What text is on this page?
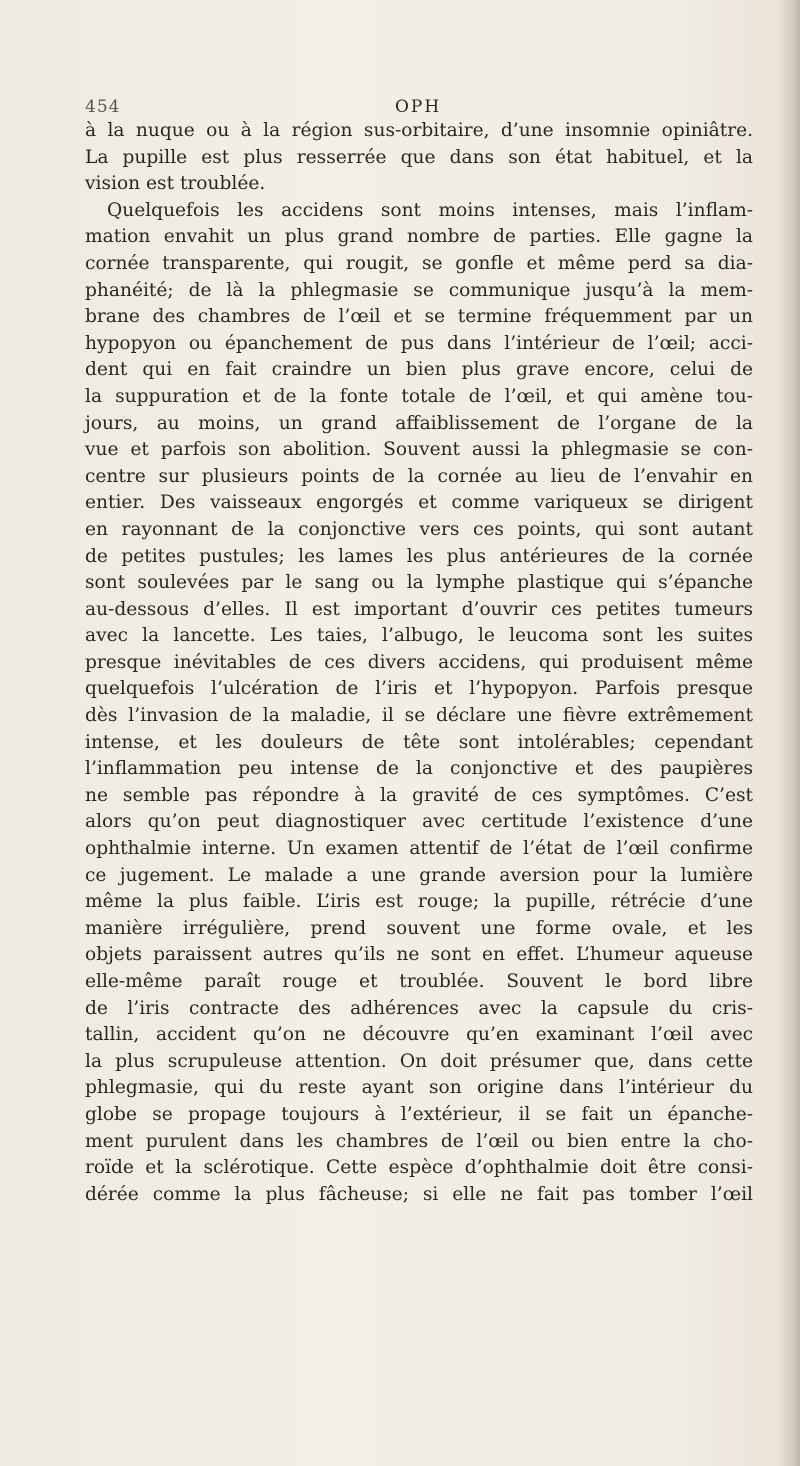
454	OPH
à la nuque ou à la région sus-orbitaire, d’une insomnie opiniâtre.
La pupille est plus resserrée que dans son état habituel, et la
vision est troublée.
Quelquefois les accidens sont moins intenses, mais l’inflam-
mation envahit un plus grand nombre de parties. Elle gagne la
cornée transparente, qui rougit, se gonfle et même perd sa dia-
phanéité; de là la phlegmasie se communique jusqu’à la mem-
brane des chambres de l’œil et se termine fréquemment par un
hypopyon ou épanchement de pus dans l’intérieur de l’œil; acci-
dent qui en fait craindre un bien plus grave encore, celui de
la suppuration et de la fonte totale de l’œil, et qui amène tou-
jours, au moins, un grand affaiblissement de l’organe de la
vue et parfois son abolition. Souvent aussi la phlegmasie se con-
centre sur plusieurs points de la cornée au lieu de l’envahir en
entier. Des vaisseaux engorgés et comme variqueux se dirigent
en rayonnant de la conjonctive vers ces points, qui sont autant
de petites pustules; les lames les plus antérieures de la cornée
sont soulevées par le sang ou la lymphe plastique qui s’épanche
au-dessous d’elles. Il est important d’ouvrir ces petites tumeurs
avec la lancette. Les taies, l’albugo, le leucoma sont les suites
presque inévitables de ces divers accidens, qui produisent même
quelquefois l’ulcération de l’iris et l’hypopyon. Parfois presque
dès l’invasion de la maladie, il se déclare une fièvre extrêmement
intense, et les douleurs de tête sont intolérables; cependant
l’inflammation peu intense de la conjonctive et des paupières
ne semble pas répondre à la gravité de ces symptômes. C’est
alors qu’on peut diagnostiquer avec certitude l’existence d’une
ophthalmie interne. Un examen attentif de l’état de l’œil confirme
ce jugement. Le malade a une grande aversion pour la lumière
même la plus faible. L’iris est rouge; la pupille, rétrécie d’une
manière irrégulière, prend souvent une forme ovale, et les
objets paraissent autres qu’ils ne sont en effet. L’humeur aqueuse
elle-même paraît rouge et troublée. Souvent le bord libre
de l’iris contracte des adhérences avec la capsule du cris-
tallin, accident qu’on ne découvre qu’en examinant l’œil avec
la plus scrupuleuse attention. On doit présumer que, dans cette
phlegmasie, qui du reste ayant son origine dans l’intérieur du
globe se propage toujours à l’extérieur, il se fait un épanche-
ment purulent dans les chambres de l’œil ou bien entre la cho-
roïde et la sclérotique. Cette espèce d’ophthalmie doit être consi-
dérée comme la plus fâcheuse; si elle ne fait pas tomber l’œil
